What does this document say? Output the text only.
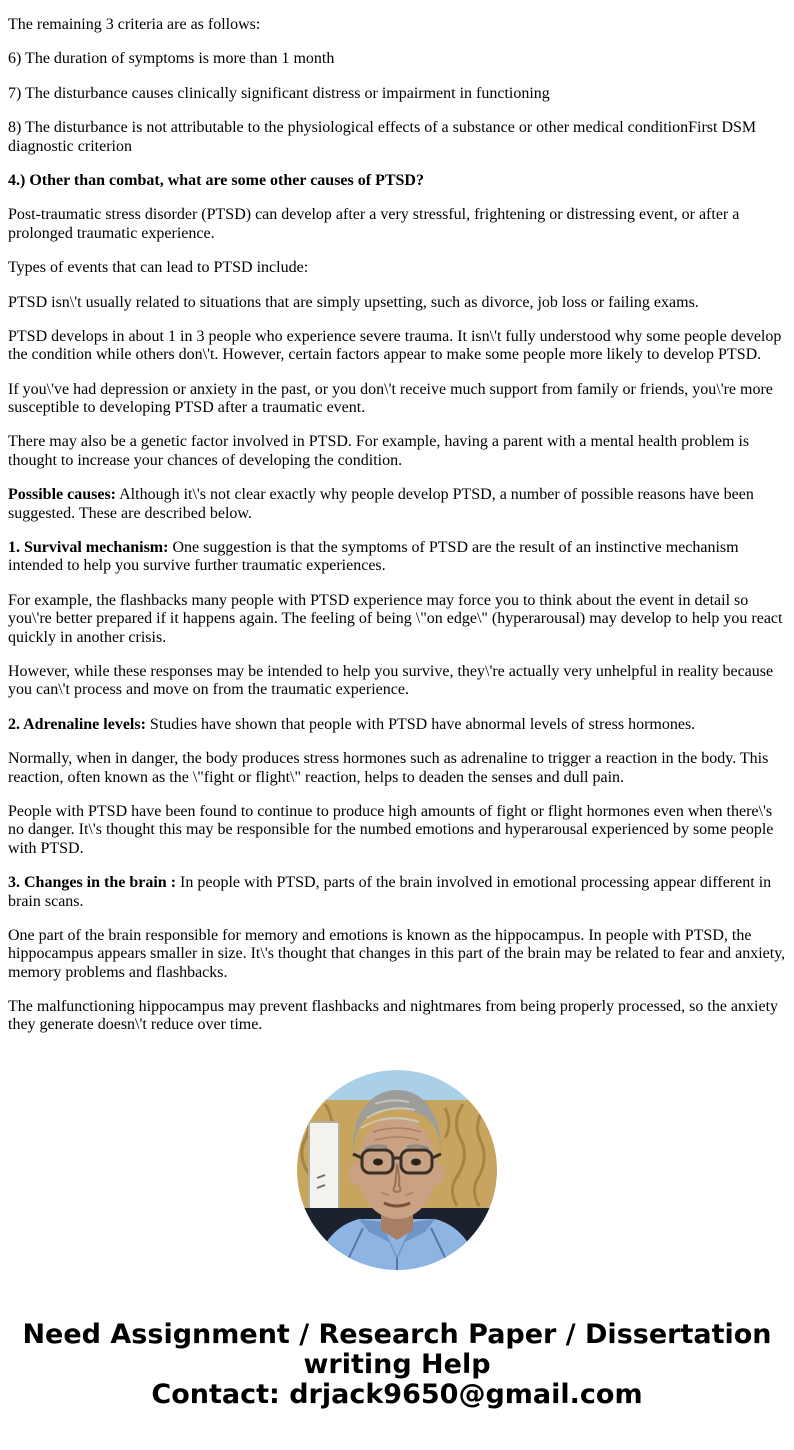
The remaining 3 criteria are as follows:

6) The duration of symptoms is more than 1 month

7) The disturbance causes clinically significant distress or impairment in functioning

8) The disturbance is not attributable to the physiological effects of a substance or other medical conditionFirst DSM diagnostic criterion

4.) Other than combat, what are some other causes of PTSD?

Post-traumatic stress disorder (PTSD) can develop after a very stressful, frightening or distressing event, or after a prolonged traumatic experience.

Types of events that can lead to PTSD include:

PTSD isn\'t usually related to situations that are simply upsetting, such as divorce, job loss or failing exams.

PTSD develops in about 1 in 3 people who experience severe trauma. It isn\'t fully understood why some people develop the condition while others don\'t. However, certain factors appear to make some people more likely to develop PTSD.

If you\'ve had depression or anxiety in the past, or you don\'t receive much support from family or friends, you\'re more susceptible to developing PTSD after a traumatic event.

There may also be a genetic factor involved in PTSD. For example, having a parent with a mental health problem is thought to increase your chances of developing the condition.

Possible causes: Although it\'s not clear exactly why people develop PTSD, a number of possible reasons have been suggested. These are described below.

1. Survival mechanism: One suggestion is that the symptoms of PTSD are the result of an instinctive mechanism intended to help you survive further traumatic experiences.

For example, the flashbacks many people with PTSD experience may force you to think about the event in detail so you\'re better prepared if it happens again. The feeling of being \"on edge\" (hyperarousal) may develop to help you react quickly in another crisis.

However, while these responses may be intended to help you survive, they\'re actually very unhelpful in reality because you can\'t process and move on from the traumatic experience.

2. Adrenaline levels: Studies have shown that people with PTSD have abnormal levels of stress hormones.

Normally, when in danger, the body produces stress hormones such as adrenaline to trigger a reaction in the body. This reaction, often known as the \"fight or flight\" reaction, helps to deaden the senses and dull pain.

People with PTSD have been found to continue to produce high amounts of fight or flight hormones even when there\'s no danger. It\'s thought this may be responsible for the numbed emotions and hyperarousal experienced by some people with PTSD.

3. Changes in the brain : In people with PTSD, parts of the brain involved in emotional processing appear different in brain scans.

One part of the brain responsible for memory and emotions is known as the hippocampus. In people with PTSD, the hippocampus appears smaller in size. It\'s thought that changes in this part of the brain may be related to fear and anxiety, memory problems and flashbacks.

The malfunctioning hippocampus may prevent flashbacks and nightmares from being properly processed, so the anxiety they generate doesn\'t reduce over time.

Need Assignment / Research Paper / Dissertation
writing Help
Contact: drjack9650@gmail.com
